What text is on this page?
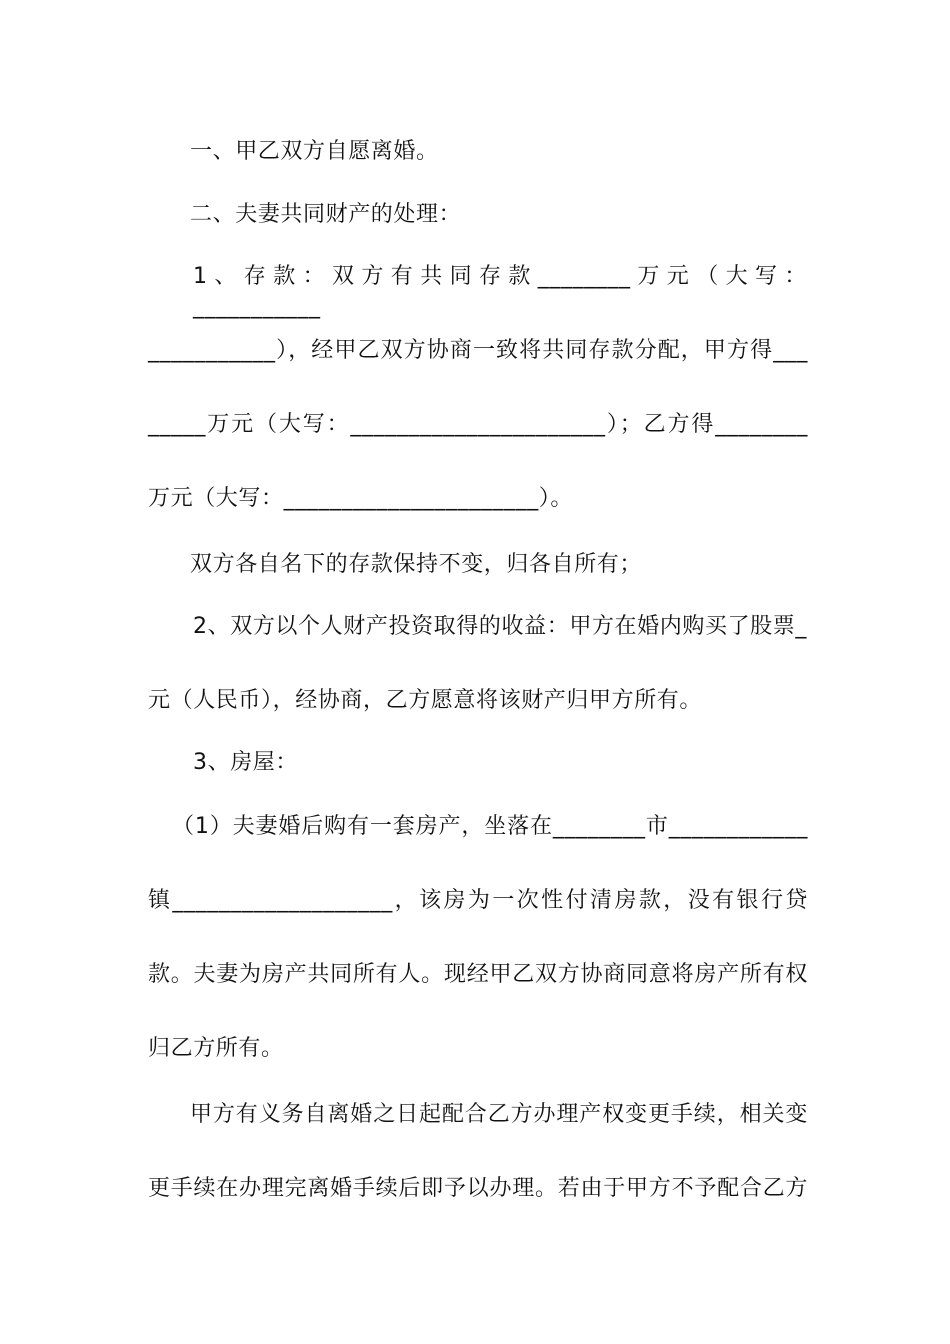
一、甲乙双方自愿离婚。
二、夫妻共同财产的处理：
1、存款：双方有共同存款________万元（大写：___________
___________），经甲乙双方协商一致将共同存款分配，甲方得___
_____万元（大写：______________________）；乙方得________
万元（大写：______________________）。
双方各自名下的存款保持不变，归各自所有；
2、双方以个人财产投资取得的收益：甲方在婚内购买了股票_
元（人民币），经协商，乙方愿意将该财产归甲方所有。
3、房屋：
（1）夫妻婚后购有一套房产，坐落在________市____________
镇___________________，该房为一次性付清房款，没有银行贷
款。夫妻为房产共同所有人。现经甲乙双方协商同意将房产所有权
归乙方所有。
甲方有义务自离婚之日起配合乙方办理产权变更手续，相关变
更手续在办理完离婚手续后即予以办理。若由于甲方不予配合乙方
